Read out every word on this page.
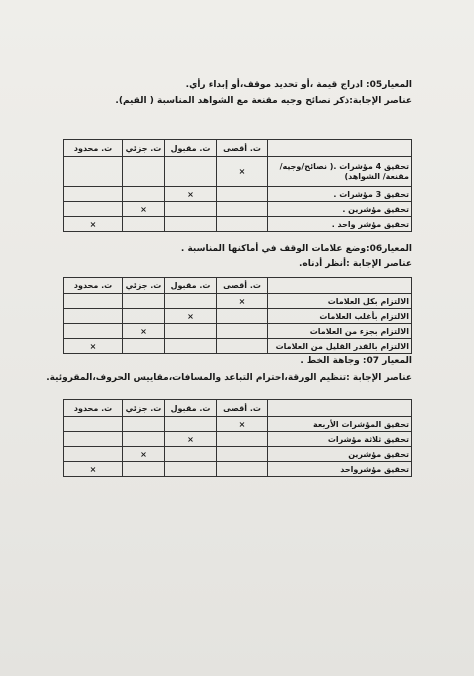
المعيار05: ادراج قيمة ،أو تحديد موقف،أو إبداء رأي.
عناصر الإجابة:ذكر نصائح وجيه مقنعة مع الشواهد المناسبة ( القيم).
	ت. أقصى	ت. مقبول	ت. جزئي	ت. محدود
تحقيق 4 مؤشرات .( نصائح/وجيه/ مقنعة/ الشواهد)	×			
تحقيق 3 مؤشرات .		×		
تحقيق مؤشرين .			×	
تحقيق مؤشر واحد .				×
المعيار06:وضع علامات الوقف في أماكنها المناسبة .
عناصر الإجابة :أنظر أدناه.
	ت. أقصى	ت. مقبول	ت. جزئي	ت. محدود
الالتزام بكل العلامات	×			
الالتزام بأغلب العلامات		×		
الالتزام بجزء من العلامات			×	
الالتزام بالقدر القليل من العلامات				×
المعيار 07: وجاهة الخط .
عناصر الإجابة :تنظيم الورقة،احترام التباعد والمسافات،مقاييس الحروف،المقروئية.
	ت. أقصى	ت. مقبول	ت. جزئي	ت. محدود
تحقيق المؤشرات الأربعة	×			
تحقيق ثلاثة مؤشرات		×		
تحقيق مؤشرين			×	
تحقيق مؤشرواحد				×
